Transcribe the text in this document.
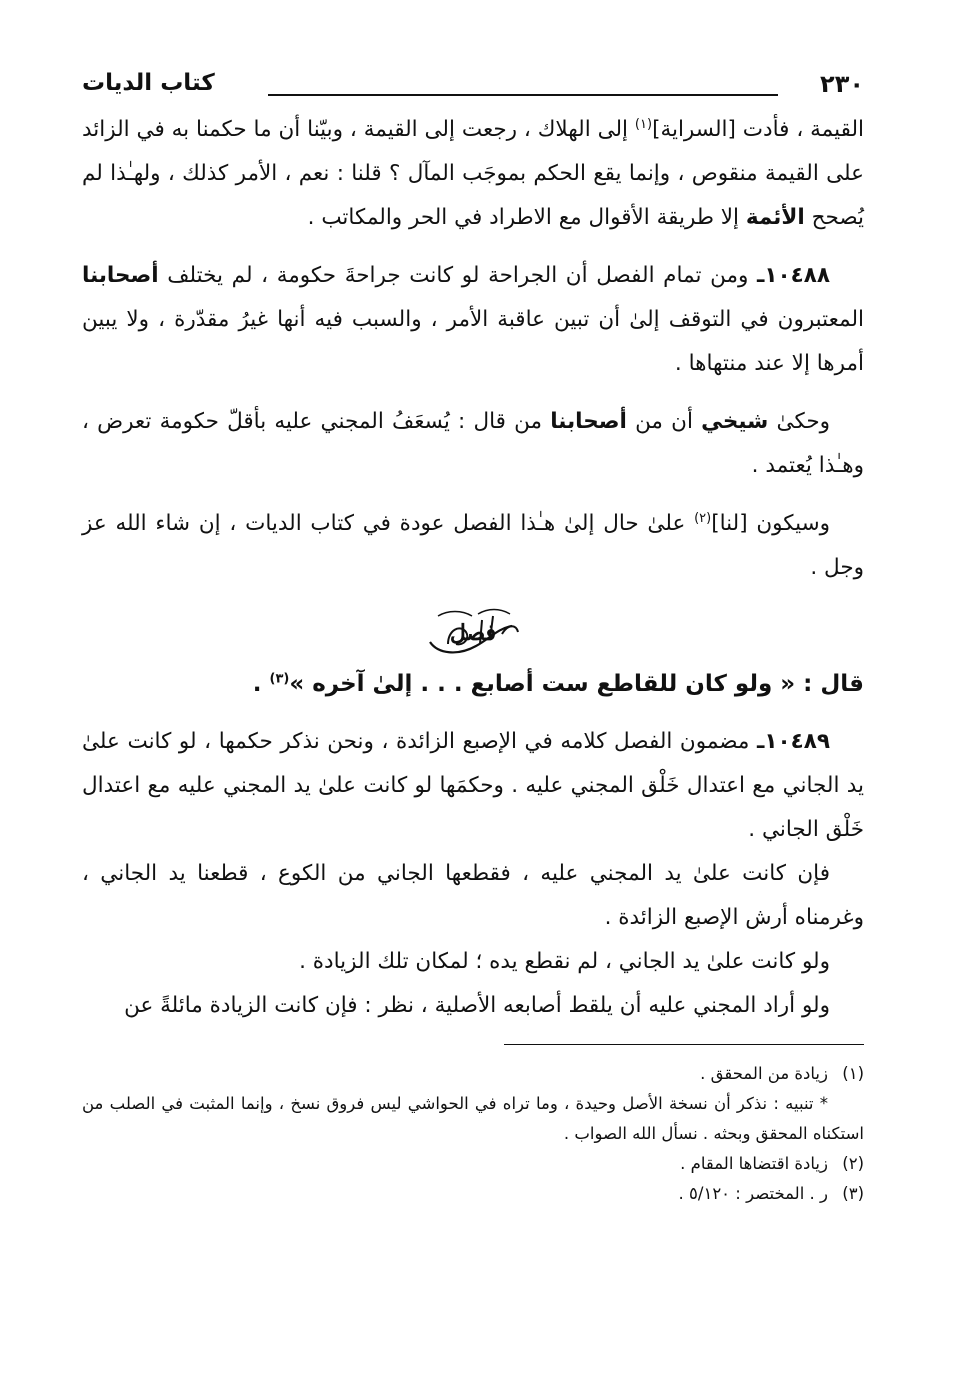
٢٣٠
كتاب الديات

القيمة ، فأدت [السراية]$^{(١)}$ إلى الهلاك ، رجعت إلى القيمة ، وبيّنا أن ما حكمنا به في الزائد على القيمة منقوص ، وإنما يقع الحكم بموجَب المآل ؟ قلنا : نعم ، الأمر كذلك ، ولهـٰذا لم يُصحح الأئمة إلا طريقة الأقوال مع الاطراد في الحر والمكاتب .

١٠٤٨٨ـ ومن تمام الفصل أن الجراحة لو كانت جراحةَ حكومة ، لم يختلف أصحابنا المعتبرون في التوقف إلىٰ أن تبين عاقبة الأمر ، والسبب فيه أنها غيرُ مقدّرة ، ولا يبين أمرها إلا عند منتهاها .

وحكىٰ شيخي أن من أصحابنا من قال : يُسعَفُ المجني عليه بأقلّ حكومة تعرض ، وهـٰذا يُعتمد .

وسيكون [لنا]$^{(٢)}$ علىٰ حال إلىٰ هـٰذا الفصل عودة في كتاب الديات ، إن شاء الله عز وجل .

فصل

قال : « ولو كان للقاطع ست أصابع . . . إلىٰ آخره »$^{(٣)}$ .

١٠٤٨٩ـ مضمون الفصل كلامه في الإصبع الزائدة ، ونحن نذكر حكمها ، لو كانت علىٰ يد الجاني مع اعتدال خَلْق المجني عليه . وحكمَها لو كانت علىٰ يد المجني عليه مع اعتدال خَلْق الجاني .

فإن كانت علىٰ يد المجني عليه ، فقطعها الجاني من الكوع ، قطعنا يد الجاني ، وغرمناه أرش الإصبع الزائدة .

ولو كانت علىٰ يد الجاني ، لم نقطع يده ؛ لمكان تلك الزيادة .

ولو أراد المجني عليه أن يلقط أصابعه الأصلية ، نظر : فإن كانت الزيادة مائلةً عن

(١)زيادة من المحقق .

* تنبيه : نذكر أن نسخة الأصل وحيدة ، وما تراه في الحواشي ليس فروق نسخ ، وإنما المثبت في الصلب من استكناه المحقق وبحثه . نسأل الله الصواب .

(٢)زيادة اقتضاها المقام .

(٣)ر . المختصر : ٥/١٢٠ .
